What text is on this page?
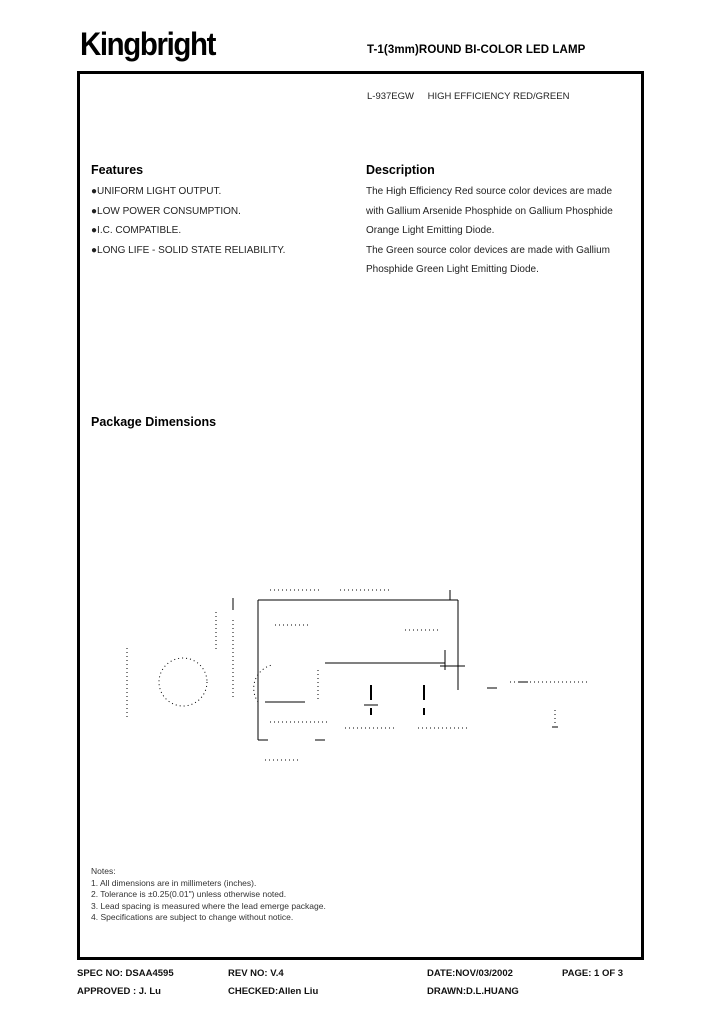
Kingbright	T-1(3mm)ROUND BI-COLOR LED LAMP
L-937EGW HIGH EFFICIENCY RED/GREEN
Features
●UNIFORM LIGHT OUTPUT.
●LOW POWER CONSUMPTION.
●I.C. COMPATIBLE.
●LONG LIFE - SOLID STATE RELIABILITY.
Description
The High Efficiency Red source color devices are made
with Gallium Arsenide Phosphide on Gallium Phosphide
Orange Light Emitting Diode.
The Green source color devices are made with Gallium
Phosphide Green Light Emitting Diode.
Package Dimensions
Notes:
1. All dimensions are in millimeters (inches).
2. Tolerance is ±0.25(0.01") unless otherwise noted.
3. Lead spacing is measured where the lead emerge package.
4. Specifications are subject to change without notice.
SPEC NO: DSAA4595	REV NO: V.4	DATE:NOV/03/2002	PAGE: 1 OF 3
APPROVED : J. Lu	CHECKED:Allen Liu	DRAWN:D.L.HUANG
